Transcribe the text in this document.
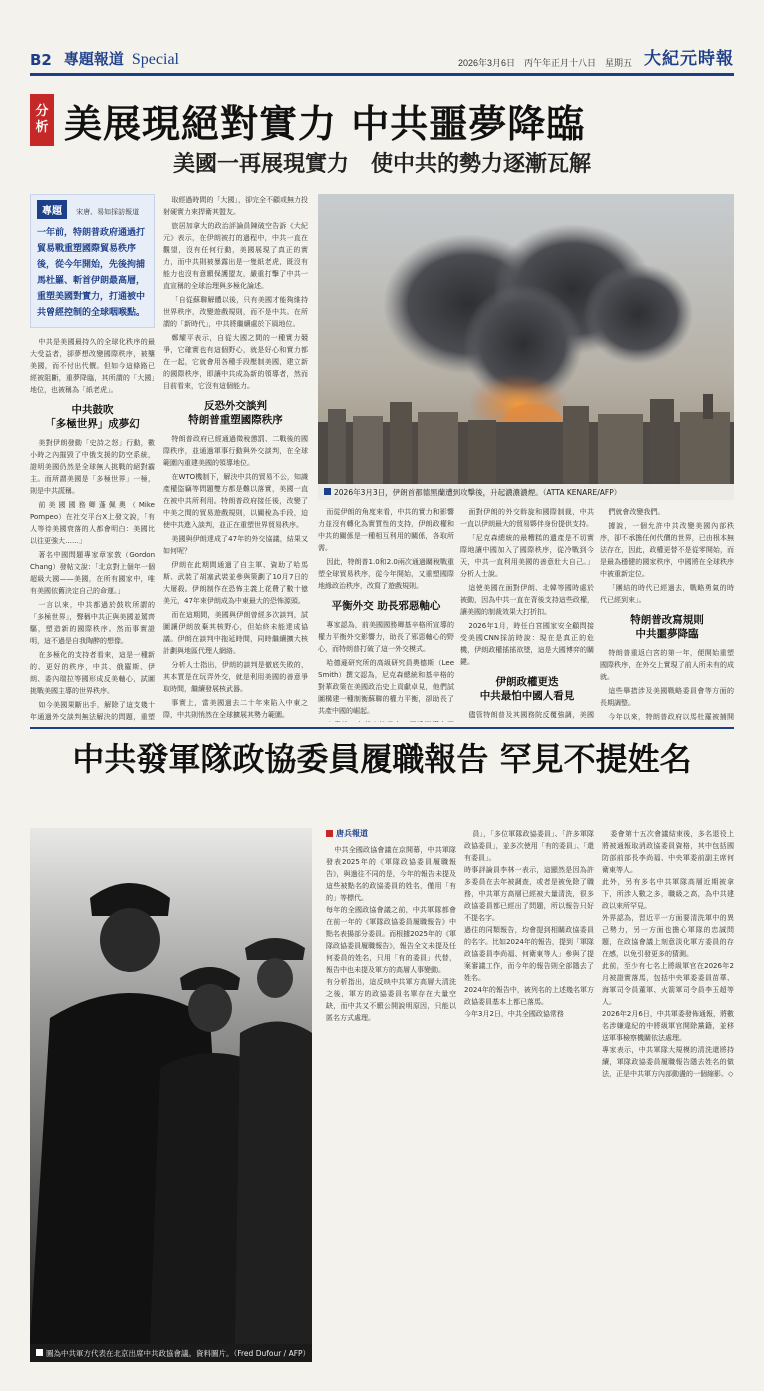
B2 專題報道 Special	2026年3月6日　丙午年正月十八日　星期五 大紀元時報
分
析 美展現絕對實力 中共噩夢降臨
美國一再展現實力　使中共的勢力逐漸瓦解
專題 宋唐、易如採訪報道
一年前，特朗普政府通過打貿易戰重塑國際貿易秩序後，從今年開始，先後拘捕馬杜羅、斬首伊朗最高層，重塑美國對實力，打通被中共曾經控制的全球咽喉點。

中共是美國最持久的全球化秩序的最大受益者，卻夢想改變國際秩序，被壟美國，而不付出代價。但如今這條路已經被阻斷，重夢降臨，其所謂的「大國」地位，也被稱為「紙老虎」。

中共鼓吹
「多極世界」成夢幻

美對伊朗發動「史詩之怒」行動，數小時之內摧毀了中俄支援的防空系統，證明美國仍然是全球無人挑戰的絕對霸主。而所謂美國是「多極世界」一極，則是中共謊稱。

前美國國務卿蓬佩奧（Mike Pompeo）在社交平台X上發文說，「有人等待美國衰落的人都會明白：美國比以往更強大……」

著名中國問題專家章家敦（Gordon Chang）發帖文說：「北京對上個年一個超級大國——美國，在所有國家中，唯有美國依舊決定自己的命運。」

一言以來，中共都過於鼓吹所謂的「多極世界」，聲稱中共正與美國並駕齊驅，塑造新的國際秩序。然而事實證明，這不過是自我陶醉的想像。

在多極化的支持者看來，這是一種新的、更好的秩序，中共、俄羅斯、伊朗、委內瑞拉等國形成反美軸心，試圖挑戰美國主導的世界秩序。

如今美國果斷出手，解除了這支幾十年通過外交談判無法解決的問題，重塑

取經過時間的「大國」，卻完全不顧或無力投射硬實力來捍衛其盟友。

旅居加拿大的政治評論員陳破空告訴《大紀元》表示，在伊朗被打的過程中，中共一直在觀望，沒有任何行動，美國展現了真正的實力，而中共則被暴露出是一隻紙老虎，既沒有能力也沒有意願保護盟友，嚴重打擊了中共一直宣稱的全球治理與多極化論述。

「自從蘇聯解體以後，只有美國才能夠維持世界秩序，改變遊戲規則，而不是中共。在所謂的「新時代」，中共將繼續處於下風地位。

鄭耀平表示，自從大國之間的一種實力競爭，它確實也有這個野心，就是好心和實力都在一起，它就會用各種手段壓制美國，建立新的國際秩序，即讓中共成為新的領導者，然而目前看來，它沒有這個能力。

反恐外交談判
特朗普重塑國際秩序

特朗普政府已經通過徵稅懲罰、二戰後的國際秩序，並通過軍事行動與外交談判，在全球範圍內重建美國的領導地位。

在WTO機制下，解決中共的貿易不公，知識產權盜竊等問題雙方都是難以落實，美國一直在被中共所利用。特朗普政府接任後，改變了中美之間的貿易遊戲規則，以關稅為手段，迫使中共進入談判，並正在重塑世界貿易秩序。

美國與伊朗達成了47年的外交協議，結果又如何呢？

伊朗在此期間通過了自主軍、資助了哈馬斯、武裝了胡塞武裝並參與策劃了10月7日的大屠殺。伊朗制作在恐怖主義上花費了數十億美元，47年來伊朗成為中東最大的恐怖源頭。

而在這期間，美國與伊朗曾經多次談判，試圖讓伊朗放棄其核野心，但始終未能達成協議。伊朗在談判中拖延時間，同時繼續擴大核計劃與地區代理人網絡。

分析人士指出，伊朗的談判是徹底失敗的，其本質是在玩弄外交，就是利用美國的善意爭取時間，繼續發展核武器。

事實上，當美國過去二十年來陷入中東之際，中共則悄然在全球擴展其勢力範圍。

2026年3月3日，伊朗首都德黑蘭遭到攻擊後，升起濃濃濃煙。（ATTA KENARE/AFP）

而從伊朗的角度來看，中共的實力和影響力並沒有轉化為實質性的支持，伊朗政權和中共的關係是一種相互利用的關係，各取所需。

因此，特朗普1.0和2.0兩次通過關稅戰重塑全球貿易秩序，從今年開始，又重塑國際地緣政治秩序，改寫了遊戲規則。

平衡外交 助長邪惡軸心

專家認為，前美國國務卿基辛格所宣導的權力平衡外交影響力，助長了邪惡軸心的野心，而特朗普打破了這一外交模式。

哈德遜研究所的高級研究員奧德斯（Lee Smith）撰文認為，尼克森總統和基辛格的對華政策在美國政治史上貢獻卓見，他們試圖構建一種制衡蘇聯的權力平衡，卻助長了共產中國的崛起。

面對伊朗的外交斡旋和國際制裁，中共一直以伊朗最大的貿易夥伴身份提供支持。

「尼克森總統的最糟糕的遺產是不切實際地讓中國加入了國際秩序，從冷戰到今天，中共一直利用美國的善意壯大自己。」分析人士說。

這使美國在面對伊朗、北韓等國時處於被動，因為中共一直在背後支持這些政權，讓美國的制裁效果大打折扣。

2026年1月，時任白宮國家安全顧問接受美國CNN採訪時說：現在是真正的危機，伊朗政權搖搖欲墜，這是大國博弈的關鍵。

伊朗政權更迭
中共最怕中國人看見

儘管特朗普及其國務院反覆強調，美國

們就會改變我們。

據說，一個允許中共改變美國內部秩序，卻不承擔任何代價的世界，已由根本無法存在，因此，政權更替不是從零開始，而是最為穩健的國家秩序，中國將在全球秩序中被重新定位。

「團結的時代已經過去，戰略勇氣的時代已經到來」。

特朗普改寫規則
中共噩夢降臨

特朗普重返白宮的第一年，便開始重塑國際秩序，在外交上實現了前人所未有的成就。

這些舉措涉及美國戰略委員會等方面的長期調整。

今年以來，特朗普政府以馬杜羅被捕開

中共發軍隊政協委員履職報告 罕見不提姓名
圖為中共軍方代表在北京出席中共政協會議。資料圖片。（Fred Dufour / AFP）
唐兵報道

中共全國政協會議在京開幕，中共軍隊發表2025年的《軍隊政協委員履職報告》，與過往不同的是，今年的報告未提及這些被點名的政協委員的姓名，僅用「有的」等標代。
每年的全國政協會議之前，中共軍隊都會在前一年的《軍隊政協委員履職報告》中點名表揚部分委員。而根據2025年的《軍隊政協委員履職報告》，報告全文未提及任何委員的姓名，只用「有的委員」代替，報告中也未提及軍方的高層人事變動。
有分析指出，這反映中共軍方高層大清洗之後，軍方的政協委員名單存在大量空缺，而中共又不願公開說明原因，只能以匿名方式處理。

員」，「多位軍隊政協委員」、「許多軍隊政協委員」，並多次使用「有的委員」、「還有委員」。
時事評論員李林一表示，這顯然是因為許多委員在去年被調查，或者是被免除了職務，中共軍方高層已經被大量清洗，很多政協委員都已經出了問題，所以報告只好不提名字。
過往的同類報告，均會提到相關政協委員的名字。比如2024年的報告，提到「軍隊政協委員李尚福、何衛東等人」參與了提案審議工作，而今年的報告則全部隱去了姓名。
2024年的報告中，被列名的上述幾名軍方政協委員基本上都已落馬。
今年3月2日，中共全國政協常務

委會第十五次會議結束後，多名退役上將被通報取消政協委員資格，其中包括國防部前部長李尚福、中央軍委前副主席何衛東等人。
此外，另有多名中共軍隊高層近期被拿下，所涉人數之多，職級之高，為中共建政以來所罕見。
外界認為，習近平一方面要清洗軍中的異己勢力，另一方面也擔心軍隊的忠誠問題，在政協會議上刻意淡化軍方委員的存在感，以免引發更多的猜測。
此前，至少有七名上將級軍官在2026年2月被證實落馬，包括中央軍委委員苗華、海軍司令員董軍、火箭軍司令員李玉超等人。
2026年2月6日，中共軍委發佈通報，將數名涉嫌違紀的中將級軍官開除黨籍，並移送軍事檢察機關依法處理。
專家表示，中共軍隊大規模的清洗還將持續，軍隊政協委員履職報告隱去姓名的做法，正是中共軍方內部動盪的一個縮影。◇
